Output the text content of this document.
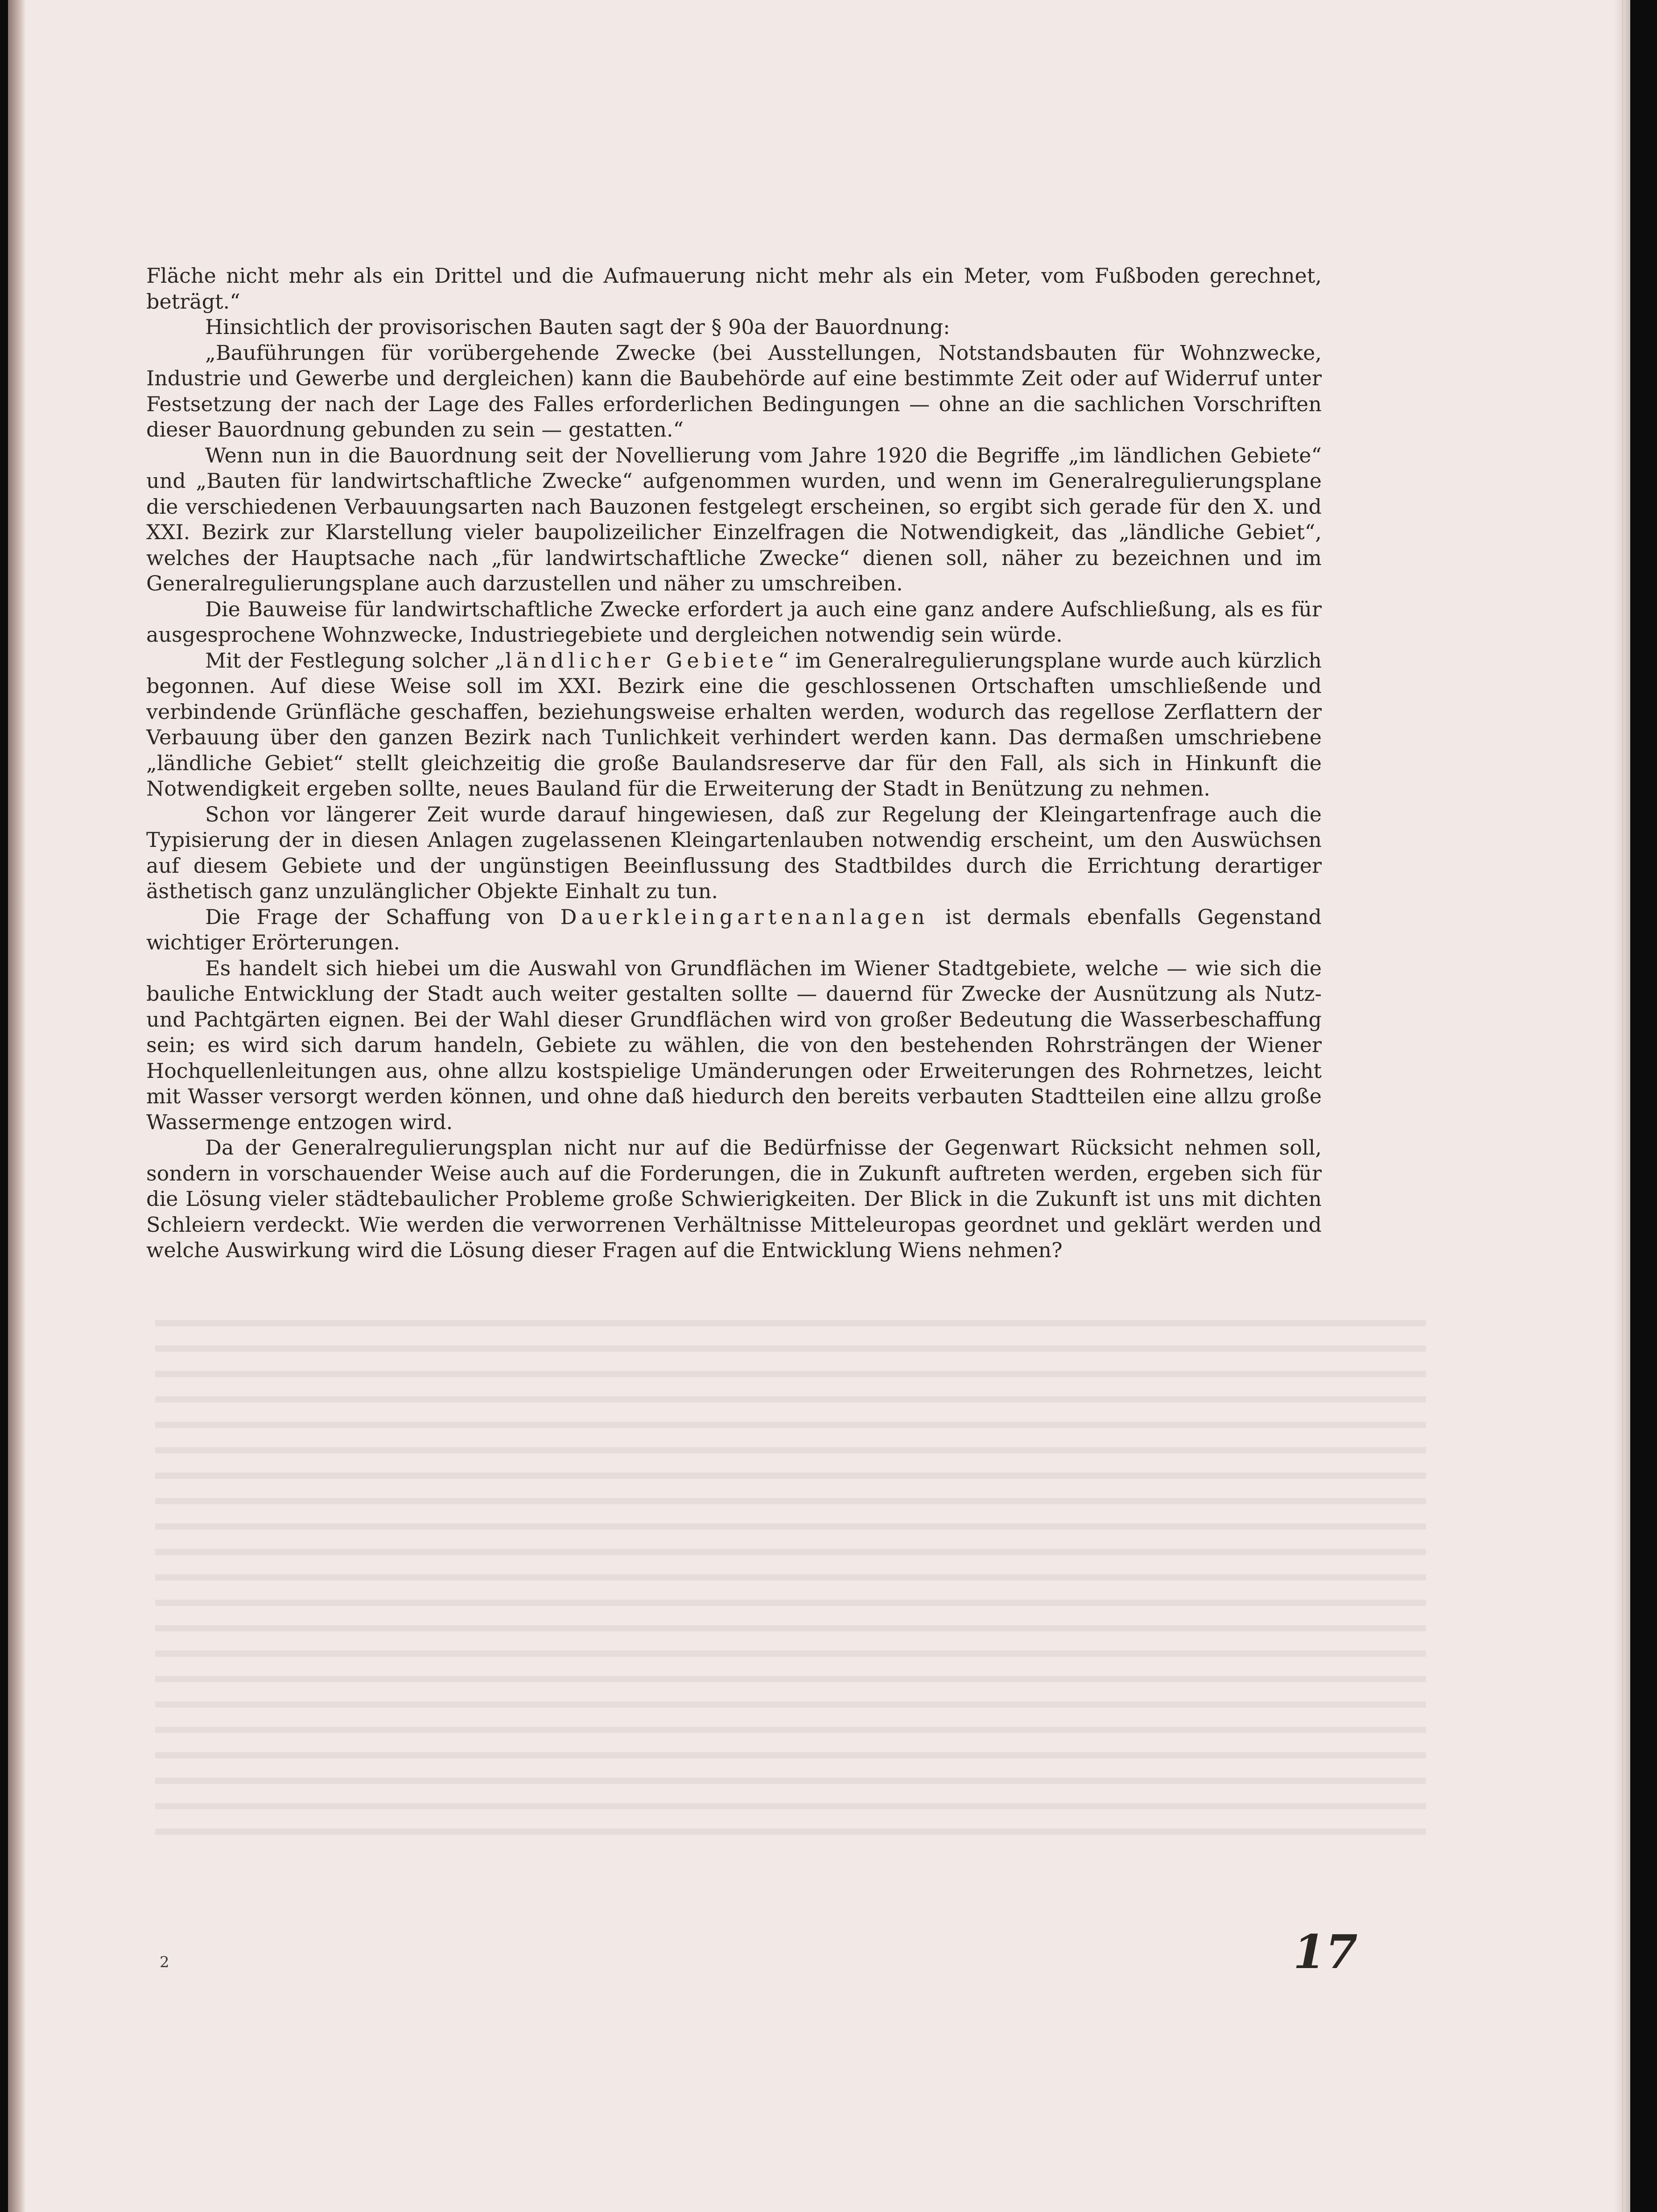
Fläche nicht mehr als ein Drittel und die Aufmauerung nicht mehr als ein Meter, vom Fußboden gerechnet, beträgt.“

Hinsichtlich der provisorischen Bauten sagt der § 90a der Bauordnung:

„Bauführungen für vorübergehende Zwecke (bei Ausstellungen, Notstandsbauten für Wohnzwecke, Industrie und Gewerbe und dergleichen) kann die Baubehörde auf eine bestimmte Zeit oder auf Widerruf unter Festsetzung der nach der Lage des Falles erforderlichen Bedingungen — ohne an die sachlichen Vorschriften dieser Bauordnung gebunden zu sein — gestatten.“

Wenn nun in die Bauordnung seit der Novellierung vom Jahre 1920 die Begriffe „im ländlichen Gebiete“ und „Bauten für landwirtschaftliche Zwecke“ aufgenommen wurden, und wenn im Generalregulierungsplane die verschiedenen Verbauungsarten nach Bauzonen festgelegt erscheinen, so ergibt sich gerade für den X. und XXI. Bezirk zur Klarstellung vieler baupolizeilicher Einzelfragen die Notwendigkeit, das „ländliche Gebiet“, welches der Hauptsache nach „für landwirtschaftliche Zwecke“ dienen soll, näher zu bezeichnen und im Generalregulierungsplane auch darzustellen und näher zu umschreiben.

Die Bauweise für landwirtschaftliche Zwecke erfordert ja auch eine ganz andere Aufschließung, als es für ausgesprochene Wohnzwecke, Industriegebiete und dergleichen notwendig sein würde.

Mit der Festlegung solcher „ländlicher Gebiete“ im Generalregulierungsplane wurde auch kürzlich begonnen. Auf diese Weise soll im XXI. Bezirk eine die geschlossenen Ortschaften umschließende und verbindende Grünfläche geschaffen, beziehungsweise erhalten werden, wodurch das regellose Zerflattern der Verbauung über den ganzen Bezirk nach Tunlichkeit verhindert werden kann. Das dermaßen umschriebene „ländliche Gebiet“ stellt gleichzeitig die große Baulandsreserve dar für den Fall, als sich in Hinkunft die Notwendigkeit ergeben sollte, neues Bauland für die Erweiterung der Stadt in Benützung zu nehmen.

Schon vor längerer Zeit wurde darauf hingewiesen, daß zur Regelung der Kleingartenfrage auch die Typisierung der in diesen Anlagen zugelassenen Kleingartenlauben notwendig erscheint, um den Auswüchsen auf diesem Gebiete und der ungünstigen Beeinflussung des Stadtbildes durch die Errichtung derartiger ästhetisch ganz unzulänglicher Objekte Einhalt zu tun.

Die Frage der Schaffung von Dauerkleingartenanlagen ist dermals ebenfalls Gegenstand wichtiger Erörterungen.

Es handelt sich hiebei um die Auswahl von Grundflächen im Wiener Stadtgebiete, welche — wie sich die bauliche Entwicklung der Stadt auch weiter gestalten sollte — dauernd für Zwecke der Ausnützung als Nutz- und Pachtgärten eignen. Bei der Wahl dieser Grundflächen wird von großer Bedeutung die Wasserbeschaffung sein; es wird sich darum handeln, Gebiete zu wählen, die von den bestehenden Rohrsträngen der Wiener Hochquellenleitungen aus, ohne allzu kostspielige Umänderungen oder Erweiterungen des Rohrnetzes, leicht mit Wasser versorgt werden können, und ohne daß hiedurch den bereits verbauten Stadtteilen eine allzu große Wassermenge entzogen wird.

Da der Generalregulierungsplan nicht nur auf die Bedürfnisse der Gegenwart Rücksicht nehmen soll, sondern in vorschauender Weise auch auf die Forderungen, die in Zukunft auftreten werden, ergeben sich für die Lösung vieler städtebaulicher Probleme große Schwierigkeiten. Der Blick in die Zukunft ist uns mit dichten Schleiern verdeckt. Wie werden die verworrenen Verhältnisse Mitteleuropas geordnet und geklärt werden und welche Auswirkung wird die Lösung dieser Fragen auf die Entwicklung Wiens nehmen?

2	17
